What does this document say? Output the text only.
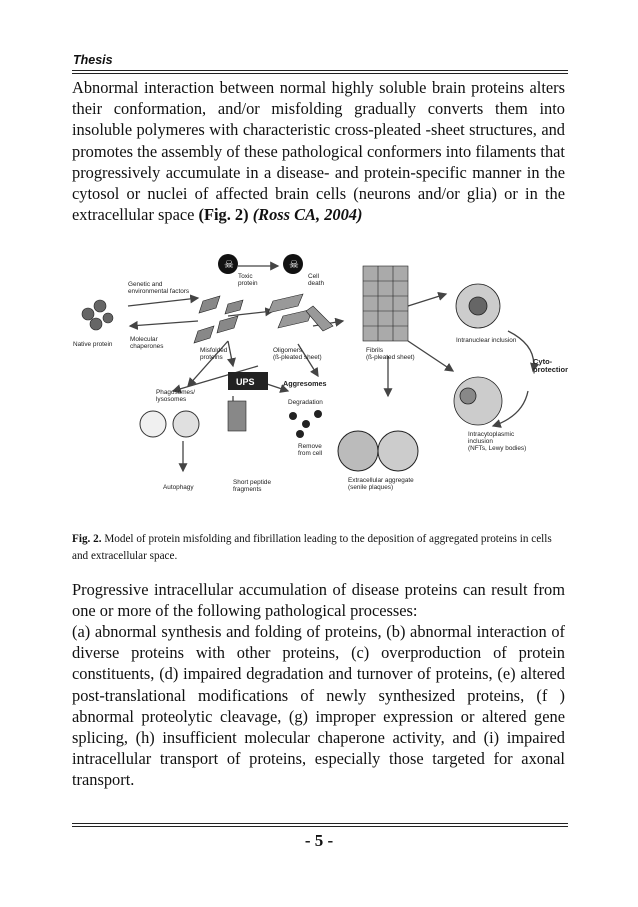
Thesis
Abnormal interaction between normal highly soluble brain proteins alters their conformation, and/or misfolding gradually converts them into insoluble polymeres with characteristic cross-pleated -sheet structures, and promotes the assembly of these pathological conformers into filaments that progressively accumulate in a disease- and protein-specific manner in the cytosol or nuclei of affected brain cells (neurons and/or glia) or in the extracellular space (Fig. 2) (Ross CA, 2004)
☠	☠
Toxic protein
Cell death
Genetic and environmental factors
Molecular chaperones
Native protein
Misfolded proteins
Oligomers (ß-pleated sheet)
Fibrils (ß-pleated sheet)
Intranuclear inclusion
Phagosomes/ lysosomes	Degradation
Remove from cell
Autophagy
Short peptide fragments
Extracellular aggregate (senile plaques)
Intracytoplasmic inclusion (NFTs, Lewy bodies)
Cyto-protection
Aggresomes
UPS
Fig. 2. Model of protein misfolding and fibrillation leading to the deposition of aggregated proteins in cells and extracellular space.
Progressive intracellular accumulation of disease proteins can result from one or more of the following pathological processes:
(a) abnormal synthesis and folding of proteins, (b) abnormal interaction of diverse proteins with other proteins, (c) overproduction of protein constituents, (d) impaired degradation and turnover of proteins, (e) altered post-translational modifications of newly synthesized proteins, (f ) abnormal proteolytic cleavage, (g) improper expression or altered gene splicing, (h) insufficient molecular chaperone activity, and (i) impaired intracellular transport of proteins, especially those targeted for axonal transport.
- 5 -
